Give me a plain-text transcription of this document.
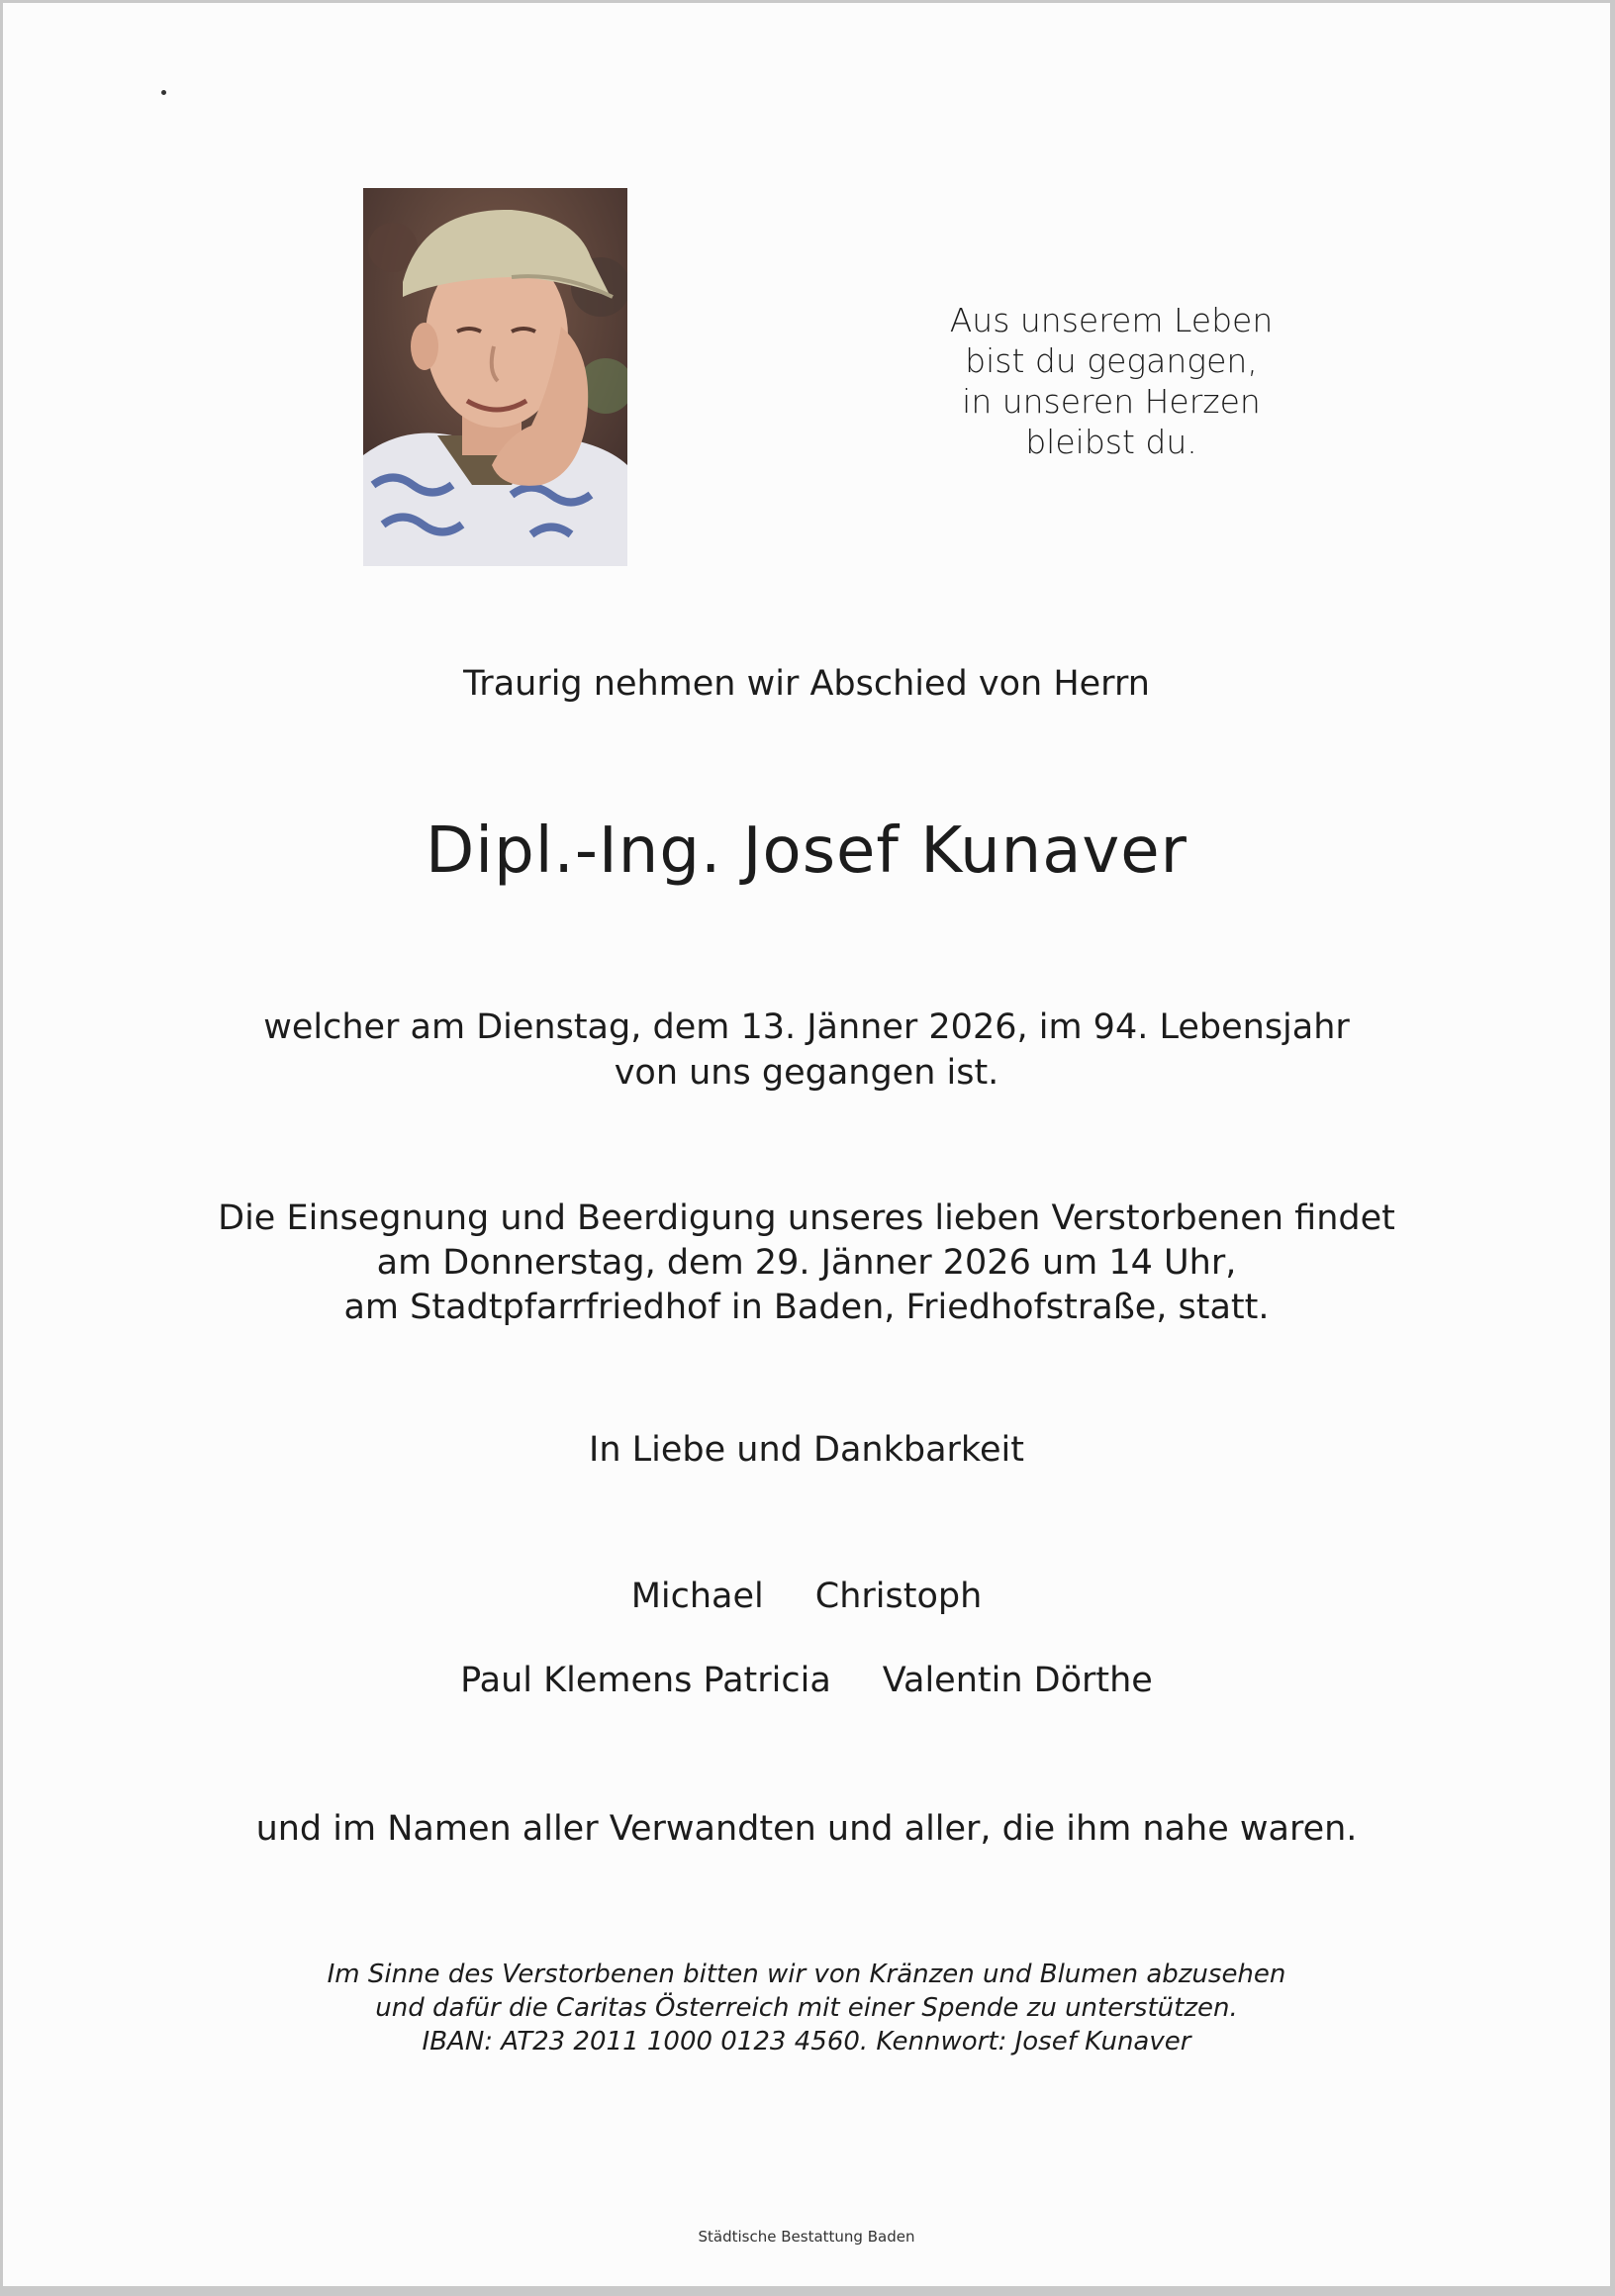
Aus unserem Leben
bist du gegangen,
in unseren Herzen
bleibst du.

Traurig nehmen wir Abschied von Herrn

Dipl.-Ing. Josef Kunaver

welcher am Dienstag, dem 13. Jänner 2026, im 94. Lebensjahr
von uns gegangen ist.

Die Einsegnung und Beerdigung unseres lieben Verstorbenen findet
am Donnerstag, dem 29. Jänner 2026 um 14 Uhr,
am Stadtpfarrfriedhof in Baden, Friedhofstraße, statt.

In Liebe und Dankbarkeit

Michael Christoph
Paul Klemens Patricia Valentin Dörthe

und im Namen aller Verwandten und aller, die ihm nahe waren.

Im Sinne des Verstorbenen bitten wir von Kränzen und Blumen abzusehen
und dafür die Caritas Österreich mit einer Spende zu unterstützen.
IBAN: AT23 2011 1000 0123 4560. Kennwort: Josef Kunaver

Städtische Bestattung Baden
